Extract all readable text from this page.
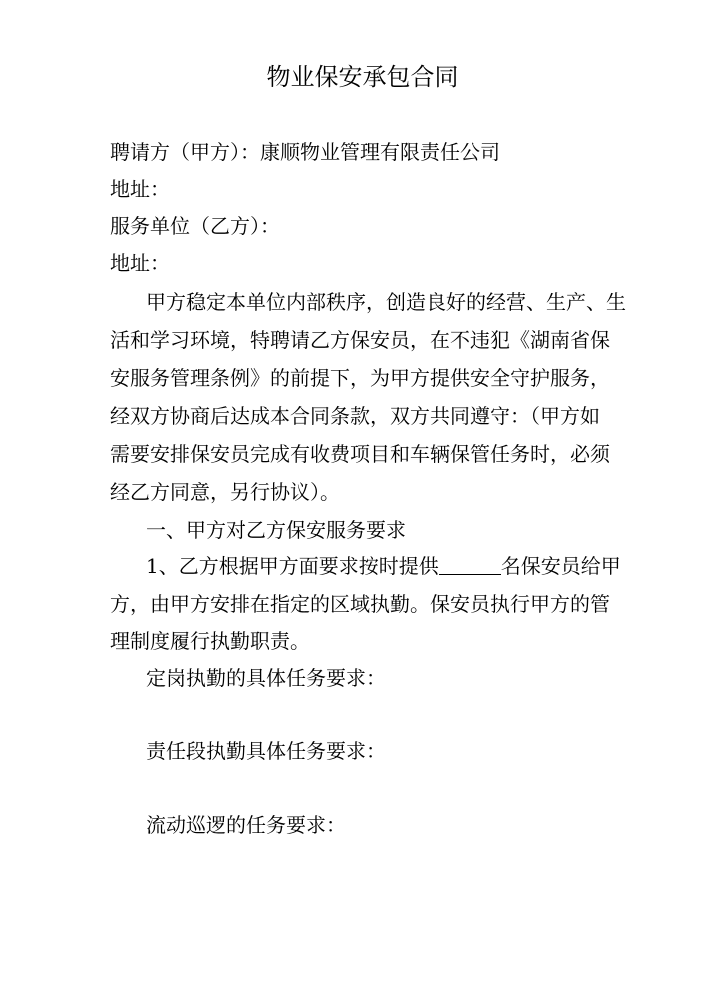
物业保安承包合同
聘请方（甲方）：康顺物业管理有限责任公司
地址：
服务单位（乙方）：
地址：
甲方稳定本单位内部秩序，创造良好的经营、生产、生
活和学习环境，特聘请乙方保安员，在不违犯《湖南省保
安服务管理条例》的前提下，为甲方提供安全守护服务，
经双方协商后达成本合同条款，双方共同遵守：（甲方如
需要安排保安员完成有收费项目和车辆保管任务时，必须
经乙方同意，另行协议）。
一、甲方对乙方保安服务要求
1、乙方根据甲方面要求按时提供	名保安员给甲
方，由甲方安排在指定的区域执勤。保安员执行甲方的管
理制度履行执勤职责。
定岗执勤的具体任务要求：
责任段执勤具体任务要求：
流动巡逻的任务要求：
